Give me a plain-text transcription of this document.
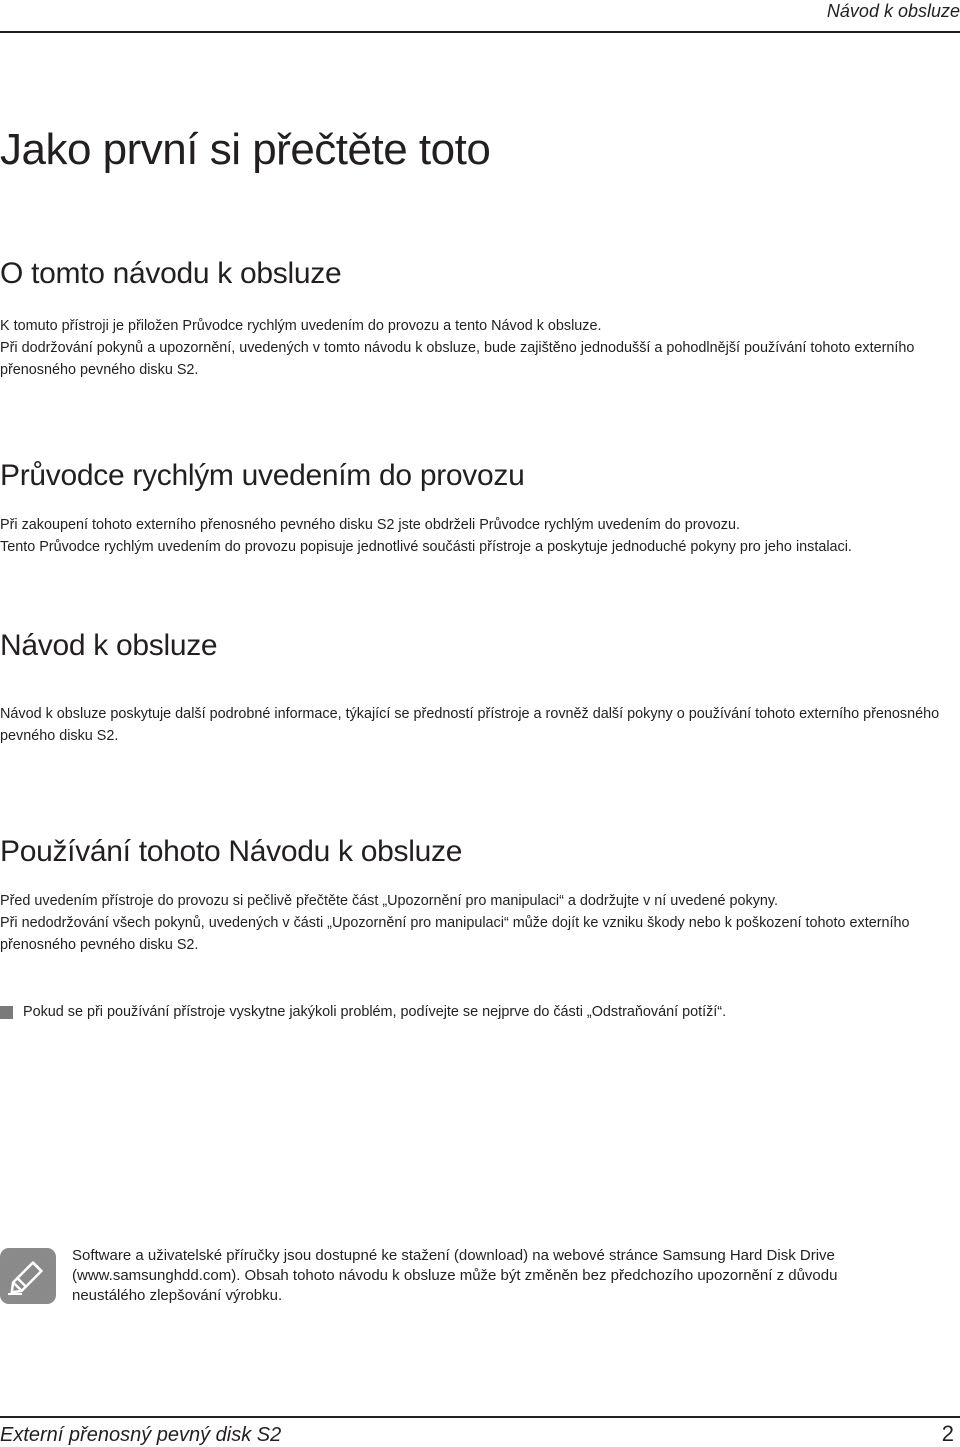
Návod k obsluze
Jako první si přečtěte toto
O tomto návodu k obsluze

K tomuto přístroji je přiložen Průvodce rychlým uvedením do provozu a tento Návod k obsluze.
Při dodržování pokynů a upozornění, uvedených v tomto návodu k obsluze, bude zajištěno jednodušší a pohodlnější používání tohoto externího
přenosného pevného disku S2.

Průvodce rychlým uvedením do provozu

Při zakoupení tohoto externího přenosného pevného disku S2 jste obdrželi Průvodce rychlým uvedením do provozu.
Tento Průvodce rychlým uvedením do provozu popisuje jednotlivé součásti přístroje a poskytuje jednoduché pokyny pro jeho instalaci.

Návod k obsluze

Návod k obsluze poskytuje další podrobné informace, týkající se předností přístroje a rovněž další pokyny o používání tohoto externího přenosného
pevného disku S2.

Používání tohoto Návodu k obsluze

Před uvedením přístroje do provozu si pečlivě přečtěte část „Upozornění pro manipulaci“ a dodržujte v ní uvedené pokyny.
Při nedodržování všech pokynů, uvedených v části „Upozornění pro manipulaci“ může dojít ke vzniku škody nebo k poškození tohoto externího
přenosného pevného disku S2.

Pokud se při používání přístroje vyskytne jakýkoli problém, podívejte se nejprve do části „Odstraňování potíží“.

Software a uživatelské příručky jsou dostupné ke stažení (download) na webové stránce Samsung Hard Disk Drive
(www.samsunghdd.com). Obsah tohoto návodu k obsluze může být změněn bez předchozího upozornění z důvodu
neustálého zlepšování výrobku.

Externí přenosný pevný disk S2	2
